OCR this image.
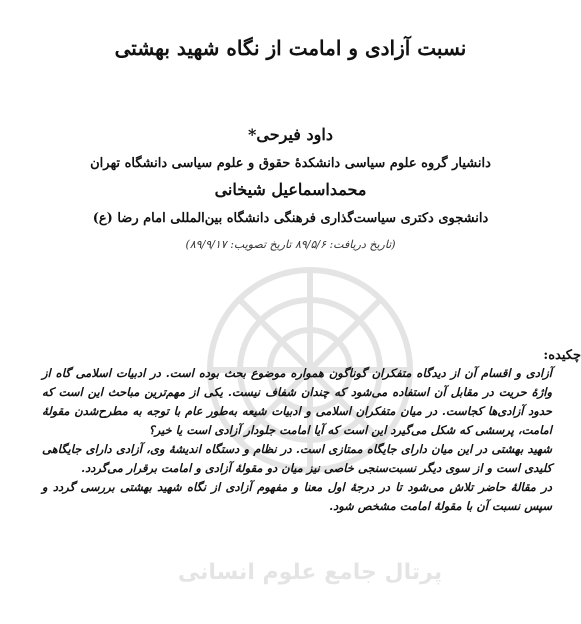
نسبت آزادی و امامت از نگاه شهید بهشتی
داود فیرحی*
دانشیار گروه علوم سیاسی دانشکدهٔ حقوق و علوم سیاسی دانشگاه تهران
محمداسماعیل شیخانی
دانشجوی دکتری سیاست‌گذاری فرهنگی دانشگاه بین‌المللی امام رضا (ع)
(تاریخ دریافت: ۸۹/۵/۶ تاریخ تصویب: ۸۹/۹/۱۷)
چکیده:

آزادی و اقسام آن از دیدگاه متفکران گوناگون همواره موضوع بحث بوده است. در ادبیات اسلامی گاه از واژهٔ حریت در مقابل آن استفاده می‌شود که چندان شفاف نیست. یکی از مهم‌ترین مباحث این است که حدود آزادی‌ها کجاست. در میان متفکران اسلامی و ادبیات شیعه به‌طور عام با توجه به مطرح‌شدن مقولهٔ امامت، پرسشی که شکل می‌گیرد این است که آیا امامت جلودار آزادی است یا خیر؟

شهید بهشتی در این میان دارای جایگاه ممتازی است. در نظام و دستگاه اندیشهٔ وی، آزادی دارای جایگاهی کلیدی است و از سوی دیگر نسبت‌سنجی خاصی نیز میان دو مقولهٔ آزادی و امامت برقرار می‌گردد.

در مقالهٔ حاضر تلاش می‌شود تا در درجهٔ اول معنا و مفهوم آزادی از نگاه شهید بهشتی بررسی گردد و سپس نسبت آن با مقولهٔ امامت مشخص شود.

پرتال جامع علوم انسانی
